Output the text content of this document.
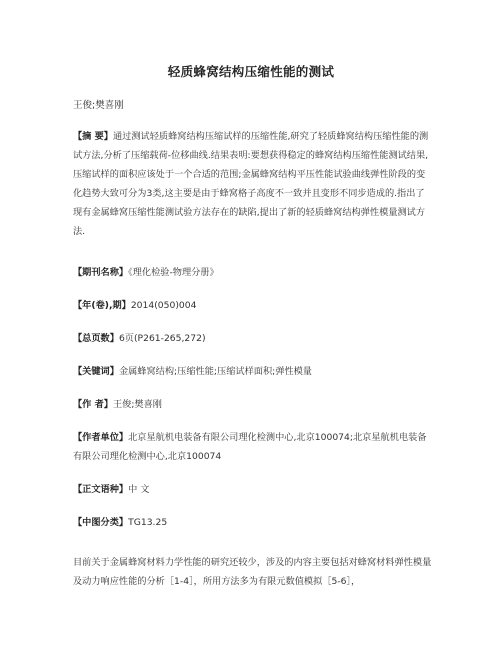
轻质蜂窝结构压缩性能的测试
王俊;樊喜刚
【摘 要】通过测试轻质蜂窝结构压缩试样的压缩性能,研究了轻质蜂窝结构压缩性能的测试方法,分析了压缩载荷-位移曲线.结果表明:要想获得稳定的蜂窝结构压缩性能测试结果,压缩试样的面积应该处于一个合适的范围;金属蜂窝结构平压性能试验曲线弹性阶段的变化趋势大致可分为3类,这主要是由于蜂窝格子高度不一致并且变形不同步造成的.指出了现有金属蜂窝压缩性能测试验方法存在的缺陷,提出了新的轻质蜂窝结构弹性模量测试方法.
【期刊名称】《理化检验-物理分册》
【年(卷),期】2014(050)004
【总页数】6页(P261-265,272)
【关键词】金属蜂窝结构;压缩性能;压缩试样面积;弹性模量
【作 者】王俊;樊喜刚
【作者单位】北京星航机电装备有限公司理化检测中心,北京100074;北京星航机电装备有限公司理化检测中心,北京100074
【正文语种】中 文
【中图分类】TG13.25
目前关于金属蜂窝材料力学性能的研究还较少，涉及的内容主要包括对蜂窝材料弹性模量及动力响应性能的分析［1-4］，所用方法多为有限元数值模拟［5-6］，
